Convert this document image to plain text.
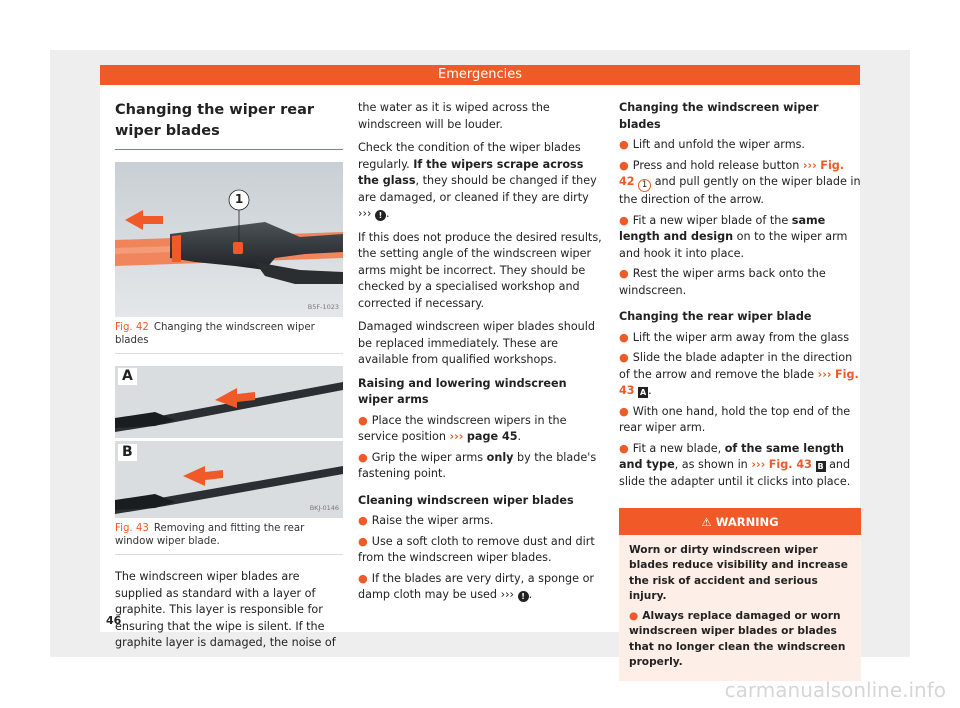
Emergencies
Changing the wiper rear wiper blades
1
B5F-1023
Fig. 42 Changing the windscreen wiper blades
A
B
BKJ-0146
Fig. 43 Removing and fitting the rear window wiper blade.

The windscreen wiper blades are supplied as standard with a layer of graphite. This layer is responsible for ensuring that the wipe is silent. If the graphite layer is damaged, the noise of

the water as it is wiped across the windscreen will be louder.

Check the condition of the wiper blades regularly. If the wipers scrape across the glass, they should be changed if they are damaged, or cleaned if they are dirty ››› ! .

If this does not produce the desired results, the setting angle of the windscreen wiper arms might be incorrect. They should be checked by a specialised workshop and corrected if necessary.

Damaged windscreen wiper blades should be replaced immediately. These are available from qualified workshops.

Raising and lowering windscreen wiper arms
● Place the windscreen wipers in the service position ››› page 45.
● Grip the wiper arms only by the blade's fastening point.
Cleaning windscreen wiper blades
● Raise the wiper arms.
● Use a soft cloth to remove dust and dirt from the windscreen wiper blades.
● If the blades are very dirty, a sponge or damp cloth may be used ››› ! .
Changing the windscreen wiper blades
● Lift and unfold the wiper arms.
● Press and hold release button ››› Fig. 42 1 and pull gently on the wiper blade in the direction of the arrow.
● Fit a new wiper blade of the same length and design on to the wiper arm and hook it into place.
● Rest the wiper arms back onto the windscreen.
Changing the rear wiper blade
● Lift the wiper arm away from the glass
● Slide the blade adapter in the direction of the arrow and remove the blade ››› Fig. 43 A .
● With one hand, hold the top end of the rear wiper arm.
● Fit a new blade, of the same length and type, as shown in ››› Fig. 43 B and slide the adapter until it clicks into place.
⚠ WARNING
Worn or dirty windscreen wiper blades reduce visibility and increase the risk of accident and serious injury.
● Always replace damaged or worn windscreen wiper blades or blades that no longer clean the windscreen properly.
46
carmanualsonline.info
